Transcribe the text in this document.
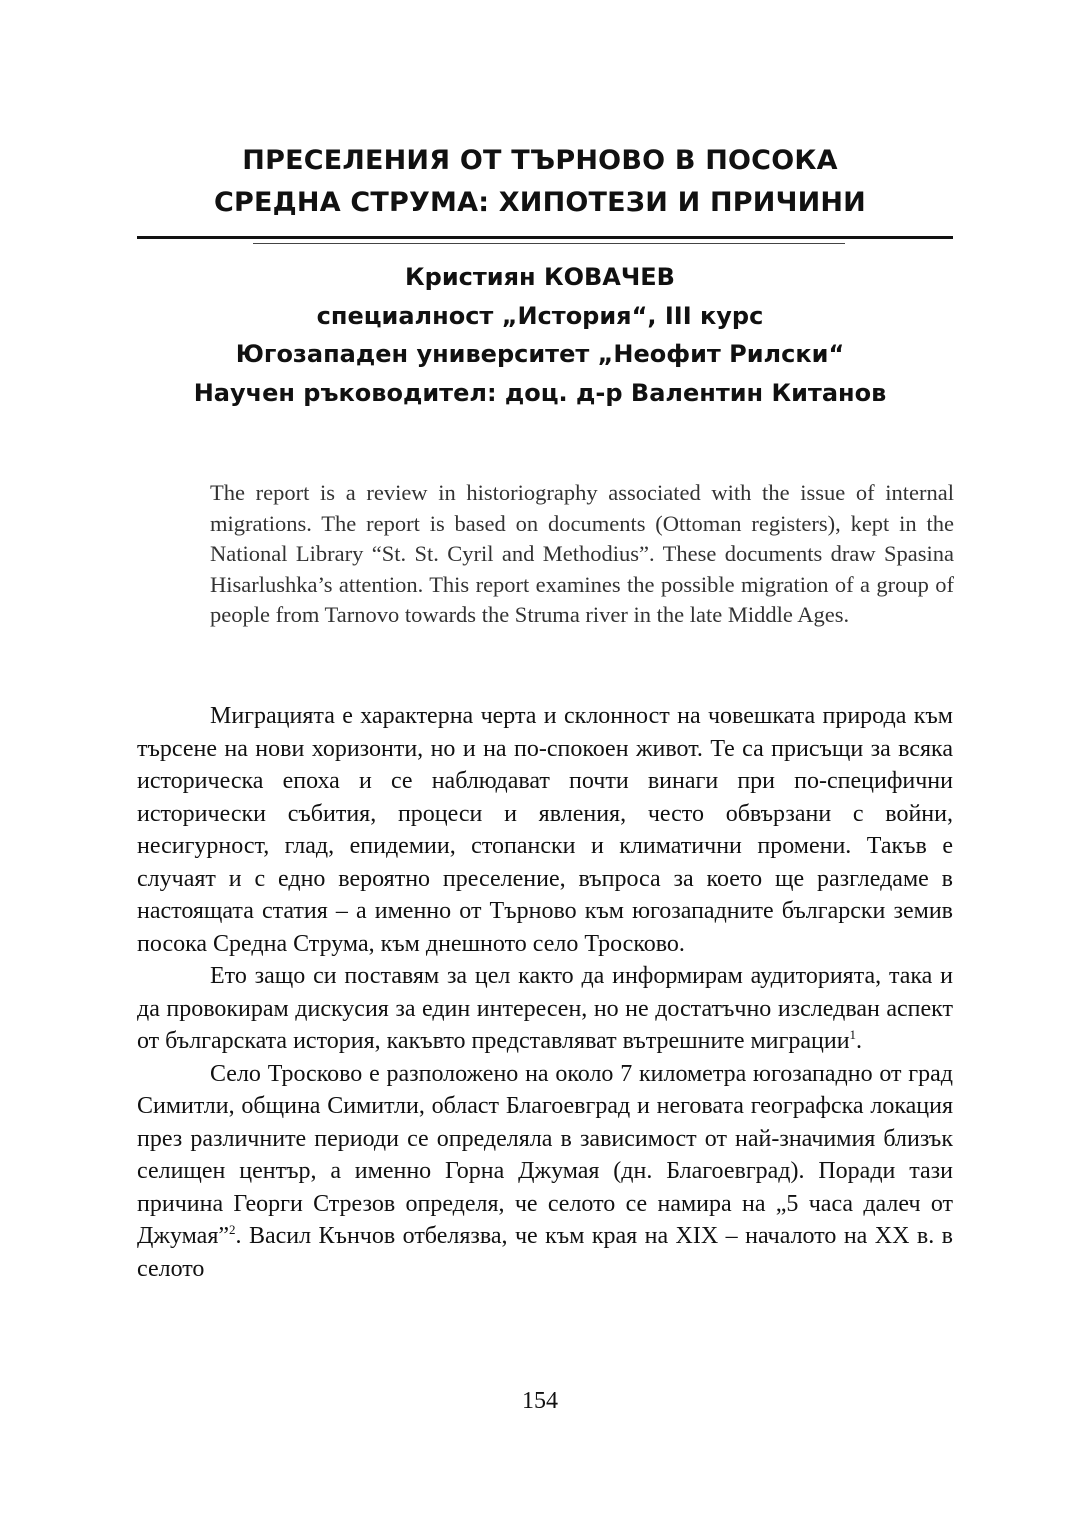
ПРЕСЕЛЕНИЯ ОТ ТЪРНОВО В ПОСОКА
СРЕДНА СТРУМА: ХИПОТЕЗИ И ПРИЧИНИ
Кристиян КОВАЧЕВ
специалност „История“, III курс
Югозападен университет „Неофит Рилски“
Научен ръководител: доц. д-р Валентин Китанов
The report is a review in historiography associated with the issue of internal migrations. The report is based on documents (Ottoman registers), kept in the National Library “St. St. Cyril and Methodius”. These documents draw Spasina Hisarlushka’s attention. This report examines the possible migration of a group of people from Tarnovo towards the Struma river in the late Middle Ages.

Миграцията е характерна черта и склонност на човешката природа към търсене на нови хоризонти, но и на по-спокоен живот. Те са присъщи за всяка историческа епоха и се наблюдават почти винаги при по-специфични исторически събития, процеси и явления, често обвързани с войни, несигурност, глад, епидемии, стопански и климатични промени. Такъв е случаят и с едно вероятно преселение, въпроса за което ще разгледаме в настоящата статия – а именно от Търново към югозападните български земив посока Средна Струма, към днешното село Тросково.

Ето защо си поставям за цел както да информирам аудиторията, така и да провокирам дискусия за един интересен, но не достатъчно изследван аспект от българската история, какъвто представляват вътрешните миграции$^1$.

Село Тросково е разположено на около 7 километра югозападно от град Симитли, община Симитли, област Благоевград и неговата географска локация през различните периоди се определяла в зависимост от най-значимия близък селищен център, а именно Горна Джумая (дн. Благоевград). Поради тази причина Георги Стрезов определя, че селото се намира на „5 часа далеч от Джумая”$^2$. Васил Кънчов отбелязва, че към края на XIX – началото на XX в. в селото

154
